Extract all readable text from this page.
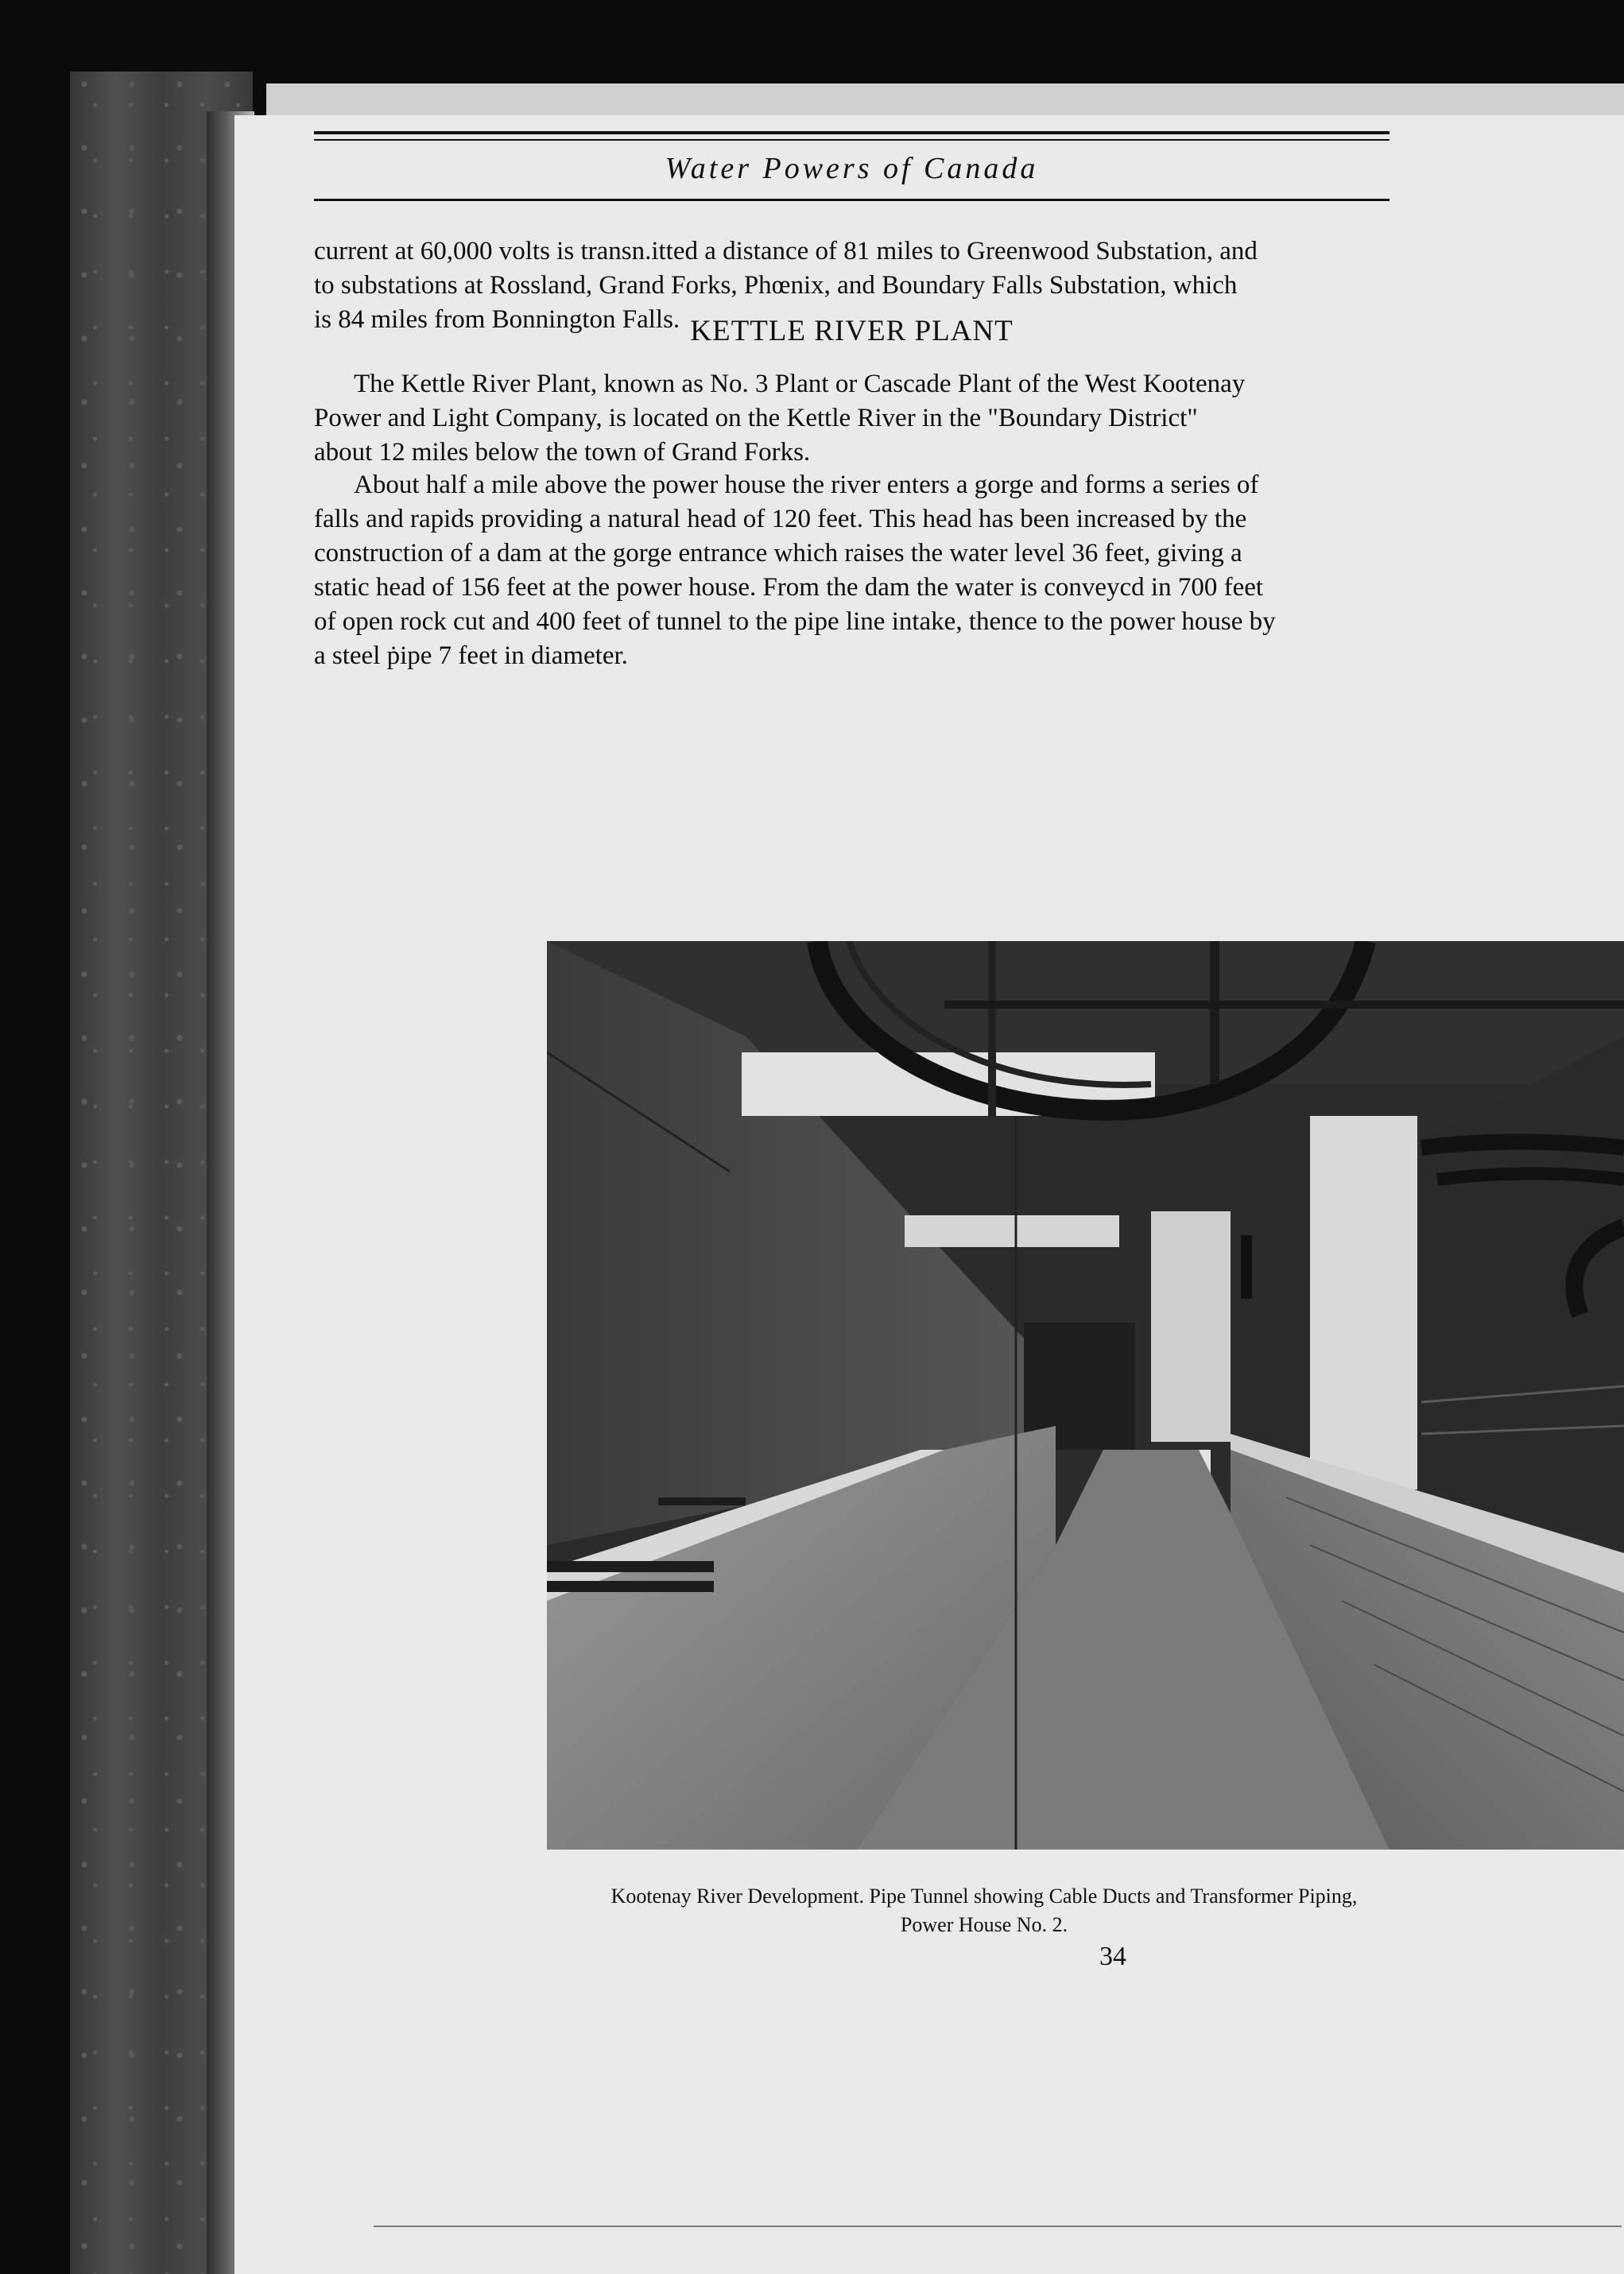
Water Powers of Canada
current at 60,000 volts is transn.itted a distance of 81 miles to Greenwood Substation, and
to substations at Rossland, Grand Forks, Phœnix, and Boundary Falls Substation, which
is 84 miles from Bonnington Falls. KETTLE RIVER PLANT
The Kettle River Plant, known as No. 3 Plant or Cascade Plant of the West Kootenay
Power and Light Company, is located on the Kettle River in the "Boundary District"
about 12 miles below the town of Grand Forks.
About half a mile above the power house the river enters a gorge and forms a series of
falls and rapids providing a natural head of 120 feet. This head has been increased by the
construction of a dam at the gorge entrance which raises the water level 36 feet, giving a
static head of 156 feet at the power house. From the dam the water is conveycd in 700 feet
of open rock cut and 400 feet of tunnel to the pipe line intake, thence to the power house by
a steel ṗipe 7 feet in diameter.
Kootenay River Development. Pipe Tunnel showing Cable Ducts and Transformer Piping,
Power House No. 2.
34
